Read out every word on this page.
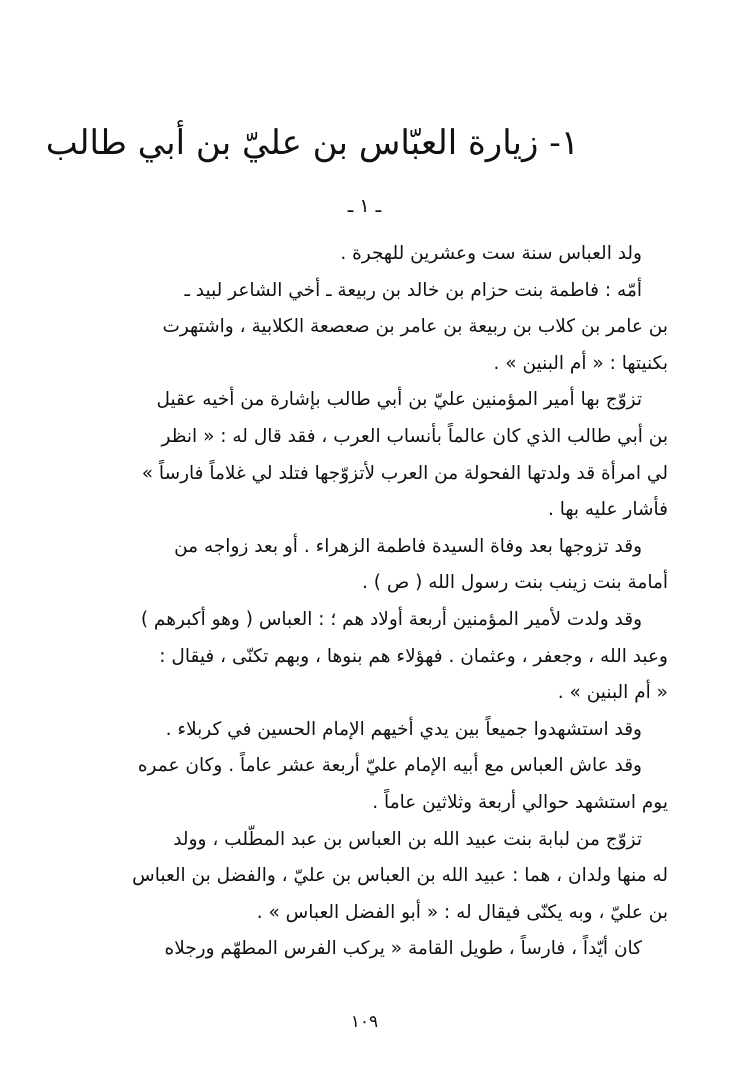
١- زيارة العبّاس بن عليّ بن أبي طالب
ـ ١ ـ
ولد العباس سنة ست وعشرين للهجرة .
أمّه : فاطمة بنت حزام بن خالد بن ربيعة ـ أخي الشاعر لبيد ـ
بن عامر بن كلاب بن ربيعة بن عامر بن صعصعة الكلابية ، واشتهرت
بكنيتها : « أم البنين » .
تزوّج بها أمير المؤمنين عليّ بن أبي طالب بإشارة من أخيه عقيل
بن أبي طالب الذي كان عالماً بأنساب العرب ، فقد قال له : « انظر
لي امرأة قد ولدتها الفحولة من العرب لأتزوّجها فتلد لي غلاماً فارساً »
فأشار عليه بها .
وقد تزوجها بعد وفاة السيدة فاطمة الزهراء . أو بعد زواجه من
أمامة بنت زينب بنت رسول الله ( ص ) .
وقد ولدت لأمير المؤمنين أربعة أولاد هم ؛ : العباس ( وهو أكبرهم )
وعبد الله ، وجعفر ، وعثمان . فهؤلاء هم بنوها ، وبهم تكنّى ، فيقال :
« أم البنين » .
وقد استشهدوا جميعاً بين يدي أخيهم الإمام الحسين في كربلاء .
وقد عاش العباس مع أبيه الإمام عليّ أربعة عشر عاماً . وكان عمره
يوم استشهد حوالي أربعة وثلاثين عاماً .
تزوّج من لبابة بنت عبيد الله بن العباس بن عبد المطّلب ، وولد
له منها ولدان ، هما : عبيد الله بن العباس بن عليّ ، والفضل بن العباس
بن عليّ ، وبه يكنّى فيقال له : « أبو الفضل العباس » .
كان أيّداً ، فارساً ، طويل القامة « يركب الفرس المطهّم ورجلاه
١٠٩
